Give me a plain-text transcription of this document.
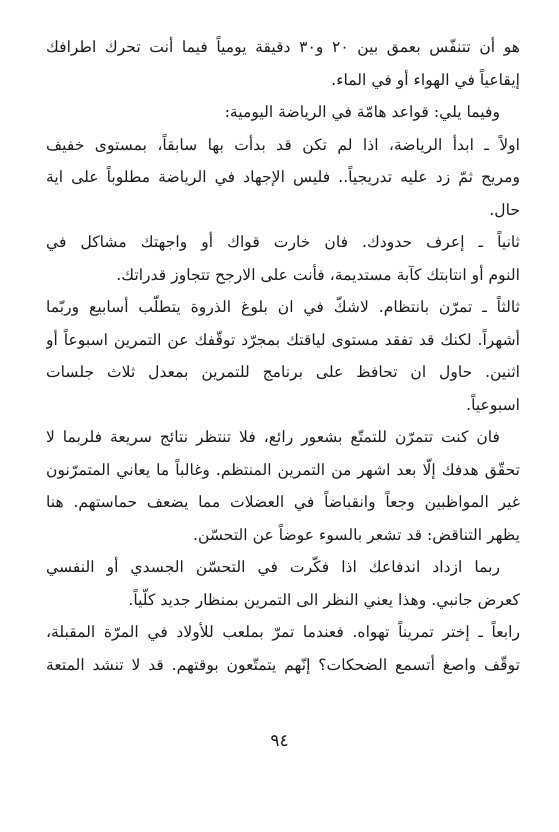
هو أن تتنفّس بعمق بين ٢٠ و٣٠ دقيقة يومياً فيما أنت تحرك اطرافك
إيقاعياً في الهواء أو في الماء.
وفيما يلي: قواعد هامّة في الرياضة اليومية:
اولاً ـ ابدأ الرياضة، اذا لم تكن قد بدأت بها سابقاً، بمستوى خفيف
ومريح ثمّ زد عليه تدريجياً.. فليس الإجهاد في الرياضة مطلوباً على اية
حال.
ثانياً ـ إعرف حدودك. فان خارت قواك أو واجهتك مشاكل في
النوم أو انتابتك كآبة مستديمة، فأنت على الارجح تتجاوز قدراتك.
ثالثاً ـ تمرّن بانتظام. لاشكّ في ان بلوغ الذروة يتطلّب أسابيع وربّما
أشهراً. لكنك قد تفقد مستوى لياقتك بمجرّد توقّفك عن التمرين اسبوعاً أو
اثنين. حاول ان تحافظ على برنامج للتمرين بمعدل ثلاث جلسات
اسبوعياً.
فان كنت تتمرّن للتمتّع بشعور رائع، فلا تنتظر نتائج سريعة فلربما لا
تحقّق هدفك إلّا بعد اشهر من التمرين المنتظم. وغالباً ما يعاني المتمرّنون
غير المواظبين وجعاً وانقباضاً في العضلات مما يضعف حماستهم. هنا
يظهر التناقض: قد تشعر بالسوء عوضاً عن التحسّن.
ربما ازداد اندفاعك اذا فكّرت في التحسّن الجسدي أو النفسي
كعرض جانبي. وهذا يعني النظر الى التمرين بمنظار جديد كلّياً.
رابعاً ـ إختر تمريناً تهواه. فعندما تمرّ بملعب للأولاد في المرّة المقبلة،
توقّف واصغ أتسمع الضحكات؟ إنّهم يتمتّعون بوقتهم. قد لا تنشد المتعة
٩٤
